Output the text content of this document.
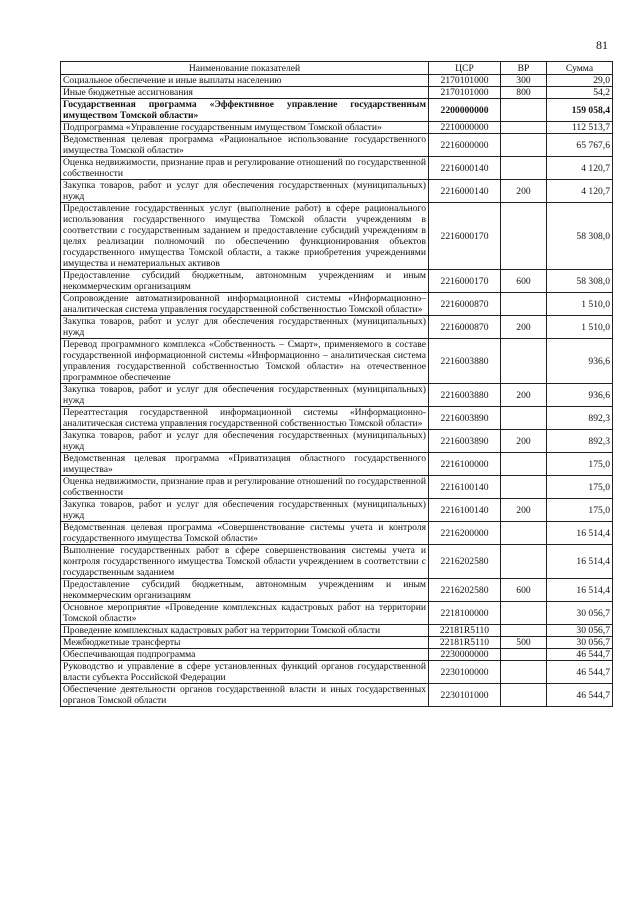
81
Наименование показателей	ЦСР	ВР	Сумма
Социальное обеспечение и иные выплаты населению	2170101000	300	29,0
Иные бюджетные ассигнования	2170101000	800	54,2
Государственная программа «Эффективное управление государственным имуществом Томской области»	2200000000		159 058,4
Подпрограмма «Управление государственным имуществом Томской области»	2210000000		112 513,7
Ведомственная целевая программа «Рациональное использование государственного имущества Томской области»	2216000000		65 767,6
Оценка недвижимости, признание прав и регулирование отношений по государственной собственности	2216000140		4 120,7
Закупка товаров, работ и услуг для обеспечения государственных (муниципальных) нужд	2216000140	200	4 120,7
Предоставление государственных услуг (выполнение работ) в сфере рационального использования государственного имущества Томской области учреждениям в соответствии с государственным заданием и предоставление субсидий учреждениям в целях реализации полномочий по обеспечению функционирования объектов государственного имущества Томской области, а также приобретения учреждениями имущества и нематериальных активов	2216000170		58 308,0
Предоставление субсидий бюджетным, автономным учреждениям и иным некоммерческим организациям	2216000170	600	58 308,0
Сопровождение автоматизированной информационной системы «Информационно–аналитическая система управления государственной собственностью Томской области»	2216000870		1 510,0
Закупка товаров, работ и услуг для обеспечения государственных (муниципальных) нужд	2216000870	200	1 510,0
Перевод программного комплекса «Собственность – Смарт», применяемого в составе государственной информационной системы «Информационно – аналитическая система управления государственной собственностью Томской области» на отечественное программное обеспечение	2216003880		936,6
Закупка товаров, работ и услуг для обеспечения государственных (муниципальных) нужд	2216003880	200	936,6
Переаттестация государственной информационной системы «Информационно-аналитическая система управления государственной собственностью Томской области»	2216003890		892,3
Закупка товаров, работ и услуг для обеспечения государственных (муниципальных) нужд	2216003890	200	892,3
Ведомственная целевая программа «Приватизация областного государственного имущества»	2216100000		175,0
Оценка недвижимости, признание прав и регулирование отношений по государственной собственности	2216100140		175,0
Закупка товаров, работ и услуг для обеспечения государственных (муниципальных) нужд	2216100140	200	175,0
Ведомственная целевая программа «Совершенствование системы учета и контроля государственного имущества Томской области»	2216200000		16 514,4
Выполнение государственных работ в сфере совершенствования системы учета и контроля государственного имущества Томской области учреждением в соответствии с государственным заданием	2216202580		16 514,4
Предоставление субсидий бюджетным, автономным учреждениям и иным некоммерческим организациям	2216202580	600	16 514,4
Основное мероприятие «Проведение комплексных кадастровых работ на территории Томской области»	2218100000		30 056,7
Проведение комплексных кадастровых работ на территории Томской области	22181R5110		30 056,7
Межбюджетные трансферты	22181R5110	500	30 056,7
Обеспечивающая подпрограмма	2230000000		46 544,7
Руководство и управление в сфере установленных функций органов государственной власти субъекта Российской Федерации	2230100000		46 544,7
Обеспечение деятельности органов государственной власти и иных государственных органов Томской области	2230101000		46 544,7
